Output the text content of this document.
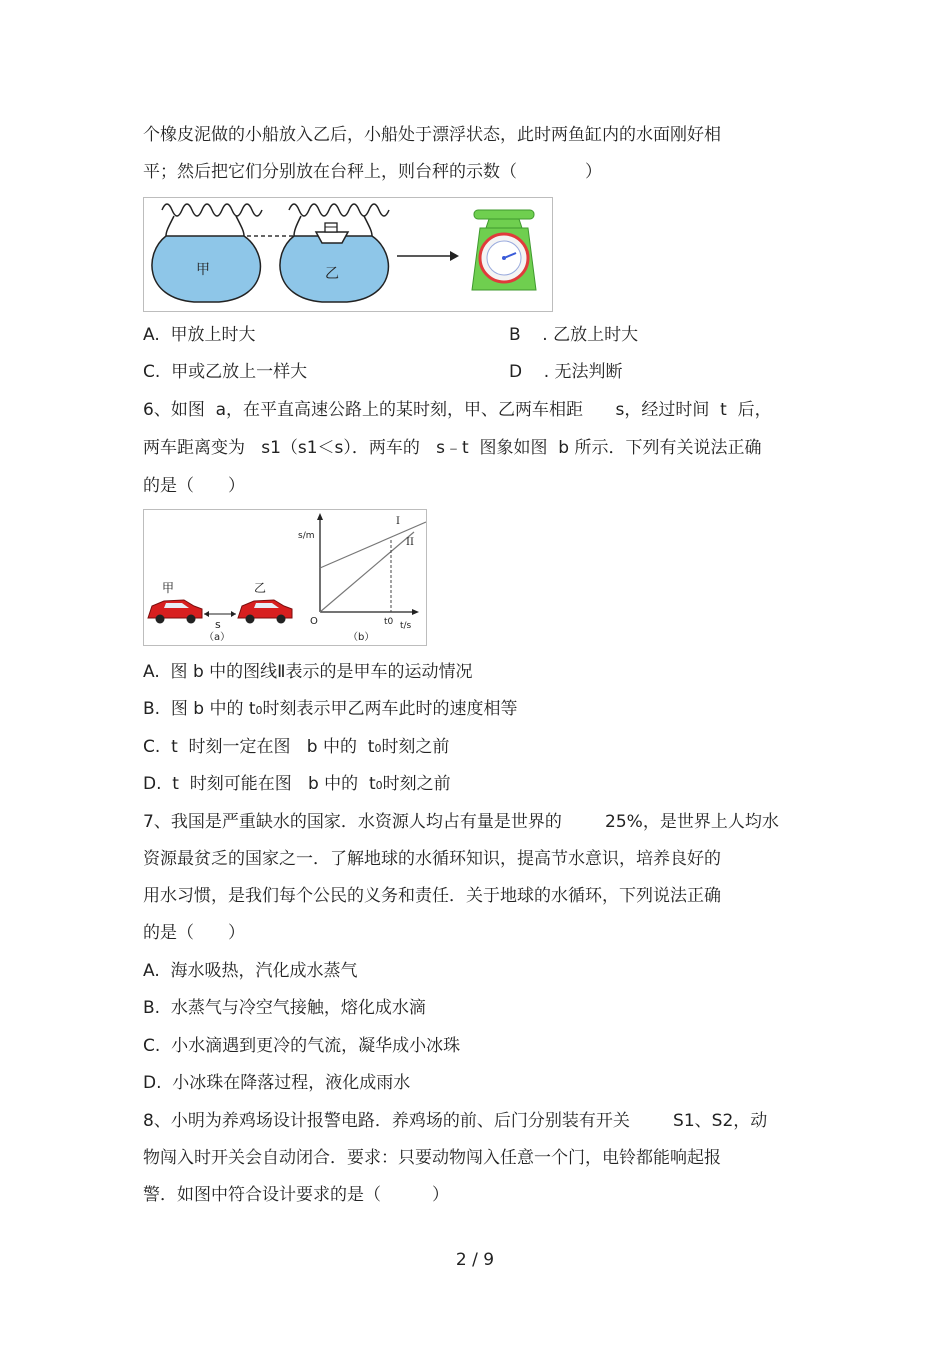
个橡皮泥做的小船放入乙后，小船处于漂浮状态，此时两鱼缸内的水面刚好相
平；然后把它们分别放在台秤上，则台秤的示数（　　　　）
甲	乙
A.  甲放上时大	B    . 乙放上时大
C.  甲或乙放上一样大	D    . 无法判断
6、如图  a，在平直高速公路上的某时刻，甲、乙两车相距      s，经过时间  t  后，
两车距离变为   s1（s1＜s）．两车的   s﹣t  图象如图  b 所示．下列有关说法正确
的是（　　）
甲	乙
s
（a）
s/m
O	t/s
t0
I
II
（b）
A.  图 b 中的图线Ⅱ表示的是甲车的运动情况
B.  图 b 中的 t0时刻表示甲乙两车此时的速度相等
C.  t  时刻一定在图   b 中的  t0时刻之前
D.  t  时刻可能在图   b 中的  t0时刻之前
7、我国是严重缺水的国家．水资源人均占有量是世界的        25%，是世界上人均水
资源最贫乏的国家之一．了解地球的水循环知识，提高节水意识，培养良好的
用水习惯，是我们每个公民的义务和责任．关于地球的水循环，下列说法正确
的是（　　）
A.  海水吸热，汽化成水蒸气
B.  水蒸气与冷空气接触，熔化成水滴
C.  小水滴遇到更冷的气流，凝华成小冰珠
D.  小冰珠在降落过程，液化成雨水
8、小明为养鸡场设计报警电路．养鸡场的前、后门分别装有开关        S1、S2，动
物闯入时开关会自动闭合．要求：只要动物闯入任意一个门，电铃都能响起报
警．如图中符合设计要求的是（　　　）
2 / 9
